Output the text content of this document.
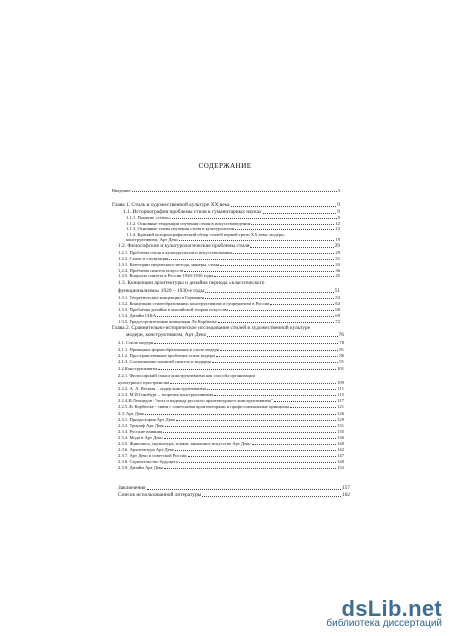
СОДЕРЖАНИЕ
Введение	3
Глава 1. Стиль в художественной культуре ХХ века	9
1.1. Историография проблемы стиля в гуманитарных науках	9
1.1.1. Понятие «стиль»	9
1.1.2. Основные тенденции изучения стиля в искусствоведении	12
1.1.3. Основные этапы изучения стиля в культурологии	13
1.1.4. Краткий историографический обзор стилей первой трети ХХ века: модерн,
конструктивизм, Арт Деко	19
1.2. Философские и культурологические проблемы стиля	29
1.2.1. Проблема стиля в культурологии и искусствознании	29
1.2.2. Стиль и стилизация	31
1.3.1. Категории творческого метода, манеры, стиля	33
1.2.4. Проблема синтеза искусств	36
1.3.5. Вопросы синтеза в России 1920-1930 годы	45
1.3. Концепции архитектуры и дизайна периода «классического
функционализма» 1920 – 1930-е годы	51
1.3.1. Теоретические концепции в Германии	53
1.3.2. Концепции стилеобразования: конструктивизм и супрематизм в России	62
1.3.3. Проблемы дизайна в английской теории искусства	68
1.3.4. Дизайн США	69
1.3.5. Градостроительные концепции Ле Корбюзье	72
Глава 2. Сравнительно-историческое исследование стилей в художественной культуре
модерн, конструктивизм, Арт Деко	76
2.1. Стиль модерн	78
2.1.1. Принципы формообразования в стиле модерн	81
2.1.2. Пространственные проблемы стиля модерн	86
2.1.3. Соотношение понятий синтеза и модерна	91
2.2.Конструктивизм	101
2.2.1. Философский смысл конструктивизма как способа организации
культурного пространства	109
2.2.2. А. А. Веснин – лидер конструктивизма	111
2.2.3. М.Я.Гинзбург – теоретик конструктивизма	115
2.2.4.И.Леонидов -"поэт и надежда русского архитектурного конструктивизма"	117
2.2.5.Ле Корбюзье - связи с советскими архитекторами и профессиональные принципы	121
2.3. Арт Деко	126
2.3.1. Предыстория Арт Деко	129
2.3.2. Триумф Арт Деко	131
2.3.3. Русские влияния	135
2.3.4. Мода в Арт Деко	136
2.3.5. Живопись, скульптура, плакат, киношное искусство Арт Деко	140
2.3.6. Архитектура Арт Деко	142
2.3.7. Арт Деко в советской России	147
2.3.8. Строительство будущего	149
2.3.9. Дизайн Арт Деко	152
Заключение	157
Список использованной литературы	162
dsLib.net
библиотека диссертаций
